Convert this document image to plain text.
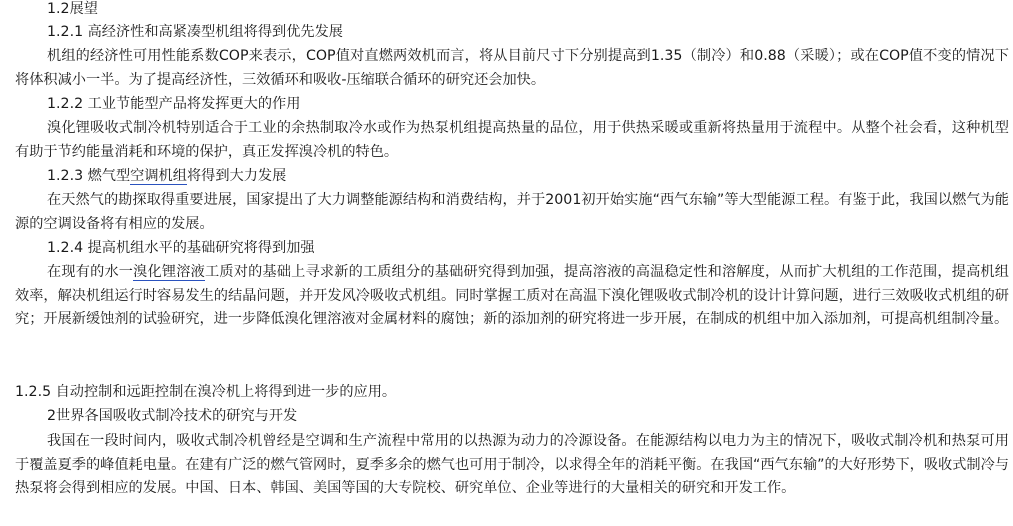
1.2展望
1.2.1 高经济性和高紧凑型机组将得到优先发展
机组的经济性可用性能系数COP来表示，COP值对直燃两效机而言，将从目前尺寸下分别提高到1.35（制冷）和0.88（采暖）；或在COP值不变的情况下将体积减小一半。为了提高经济性，三效循环和吸收-压缩联合循环的研究还会加快。
1.2.2 工业节能型产品将发挥更大的作用
溴化锂吸收式制冷机特别适合于工业的余热制取冷水或作为热泵机组提高热量的品位，用于供热采暖或重新将热量用于流程中。从整个社会看，这种机型有助于节约能量消耗和环境的保护，真正发挥溴冷机的特色。
1.2.3 燃气型空调机组将得到大力发展
在天然气的勘探取得重要进展，国家提出了大力调整能源结构和消费结构，并于2001初开始实施“西气东输”等大型能源工程。有鉴于此，我国以燃气为能源的空调设备将有相应的发展。
1.2.4 提高机组水平的基础研究将得到加强
在现有的水一溴化锂溶液工质对的基础上寻求新的工质组分的基础研究得到加强，提高溶液的高温稳定性和溶解度，从而扩大机组的工作范围，提高机组效率，解决机组运行时容易发生的结晶问题，并开发风冷吸收式机组。同时掌握工质对在高温下溴化锂吸收式制冷机的设计计算问题，进行三效吸收式机组的研究；开展新缓蚀剂的试验研究，进一步降低溴化锂溶液对金属材料的腐蚀；新的添加剂的研究将进一步开展，在制成的机组中加入添加剂，可提高机组制冷量。
1.2.5 自动控制和远距控制在溴冷机上将得到进一步的应用。
2世界各国吸收式制冷技术的研究与开发
我国在一段时间内，吸收式制冷机曾经是空调和生产流程中常用的以热源为动力的冷源设备。在能源结构以电力为主的情况下，吸收式制冷机和热泵可用于覆盖夏季的峰值耗电量。在建有广泛的燃气管网时，夏季多余的燃气也可用于制冷，以求得全年的消耗平衡。在我国“西气东输”的大好形势下，吸收式制冷与热泵将会得到相应的发展。中国、日本、韩国、美国等国的大专院校、研究单位、企业等进行的大量相关的研究和开发工作。
